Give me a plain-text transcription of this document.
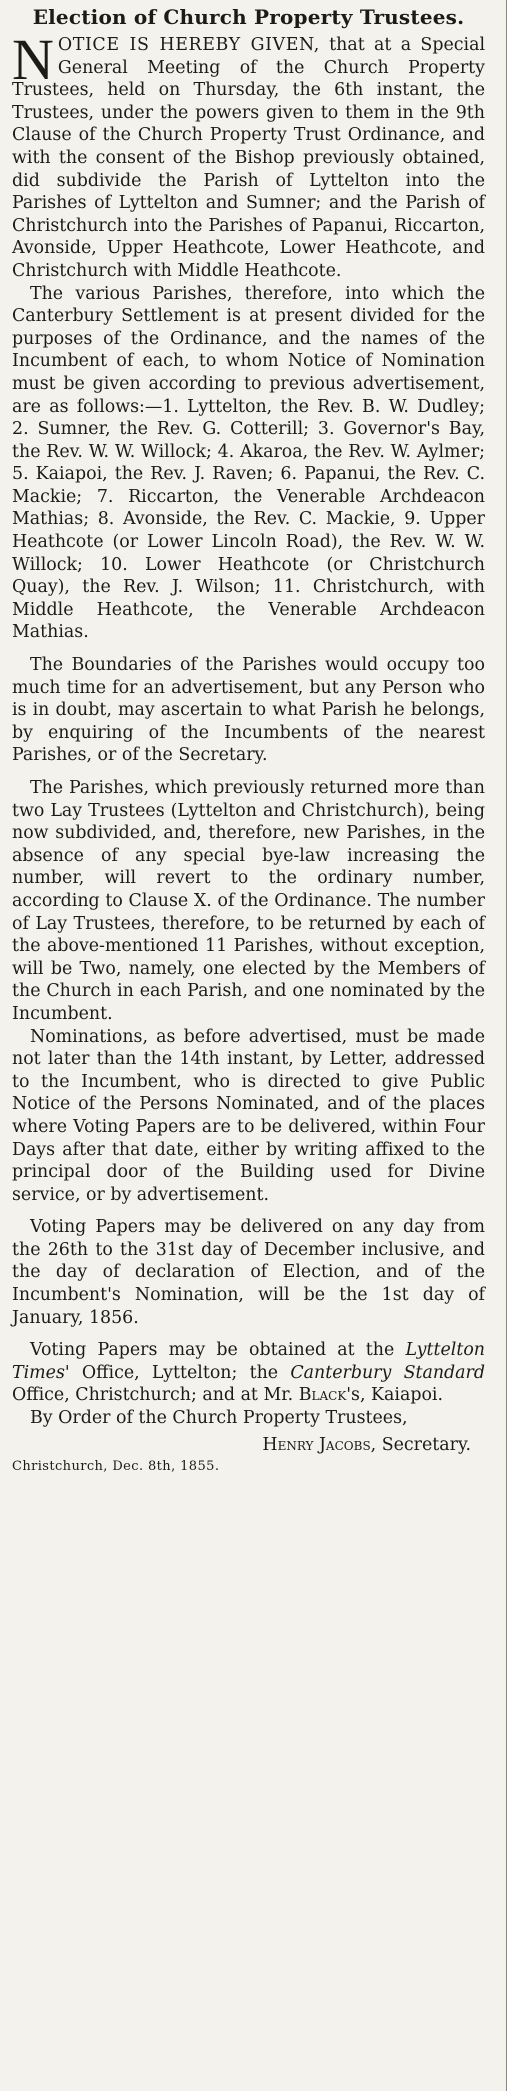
Election of Church Property Trustees.

NOTICE IS HEREBY GIVEN, that at a Special General Meeting of the Church Property Trustees, held on Thursday, the 6th instant, the Trustees, under the powers given to them in the 9th Clause of the Church Property Trust Ordinance, and with the consent of the Bishop previously obtained, did subdivide the Parish of Lyttelton into the Parishes of Lyttelton and Sumner; and the Parish of Christchurch into the Parishes of Papanui, Riccarton, Avonside, Upper Heathcote, Lower Heathcote, and Christchurch with Middle Heathcote.

The various Parishes, therefore, into which the Canterbury Settlement is at present divided for the purposes of the Ordinance, and the names of the Incumbent of each, to whom Notice of Nomination must be given according to previous advertisement, are as follows:—1. Lyttelton, the Rev. B. W. Dudley; 2. Sumner, the Rev. G. Cotterill; 3. Governor's Bay, the Rev. W. W. Willock; 4. Akaroa, the Rev. W. Aylmer; 5. Kaiapoi, the Rev. J. Raven; 6. Papanui, the Rev. C. Mackie; 7. Riccarton, the Venerable Archdeacon Mathias; 8. Avonside, the Rev. C. Mackie, 9. Upper Heathcote (or Lower Lincoln Road), the Rev. W. W. Willock; 10. Lower Heathcote (or Christchurch Quay), the Rev. J. Wilson; 11. Christchurch, with Middle Heathcote, the Venerable Archdeacon Mathias.

The Boundaries of the Parishes would occupy too much time for an advertisement, but any Person who is in doubt, may ascertain to what Parish he belongs, by enquiring of the Incumbents of the nearest Parishes, or of the Secretary.

The Parishes, which previously returned more than two Lay Trustees (Lyttelton and Christchurch), being now subdivided, and, therefore, new Parishes, in the absence of any special bye-law increasing the number, will revert to the ordinary number, according to Clause X. of the Ordinance. The number of Lay Trustees, therefore, to be returned by each of the above-mentioned 11 Parishes, without exception, will be Two, namely, one elected by the Members of the Church in each Parish, and one nominated by the Incumbent.

Nominations, as before advertised, must be made not later than the 14th instant, by Letter, addressed to the Incumbent, who is directed to give Public Notice of the Persons Nominated, and of the places where Voting Papers are to be delivered, within Four Days after that date, either by writing affixed to the principal door of the Building used for Divine service, or by advertisement.

Voting Papers may be delivered on any day from the 26th to the 31st day of December inclusive, and the day of declaration of Election, and of the Incumbent's Nomination, will be the 1st day of January, 1856.

Voting Papers may be obtained at the Lyttelton Times' Office, Lyttelton; the Canterbury Standard Office, Christchurch; and at Mr. Black's, Kaiapoi.

By Order of the Church Property Trustees,

Henry Jacobs, Secretary.

Christchurch, Dec. 8th, 1855.
